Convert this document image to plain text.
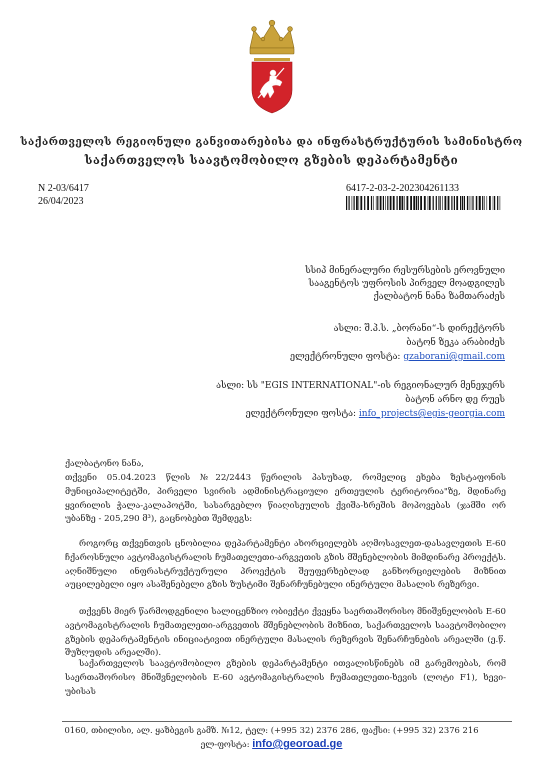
საქართველოს რეგიონული განვითარებისა და ინფრასტრუქტურის სამინისტრო
საქართველოს საავტომობილო გზების დეპარტამენტი
N 2-03/6417
26/04/2023
6417-2-03-2-202304261133
სსიპ მინერალური რესურსების ეროვნული
სააგენტოს უფროსის პირველ მოადგილეს
ქალბატონ ნანა ზამთარაძეს
ასლი: შ.პ.ს. „ბორანი“-ს დირექტორს
ბატონ ზეკა არაბიძეს
ელექტრონული ფოსტა: gzaborani@gmail.com
ასლი: სს "EGIS INTERNATIONAL"-ის რეგიონალურ მენეჯერს
ბატონ არნო დე რუეს
ელექტრონული ფოსტა: info_projects@egis-georgia.com
ქალბატონო ნანა,
თქვენი 05.04.2023 წლის №22/2443 წერილის პასუხად, რომელიც ეხება ზესტაფონის მუნიციპალიტეტში, პირველი სვირის ადმინისტრაციული ერთეულის ტერიტორია"ზე, მდინარე ყვირილის ჭალა-კალაპოტში, სასარგებლო წიაღისეულის ქვიშა-ხრეშის მოპოვებას (ჯამში ორ უბანზე - 205,290 მ³), გაცნობებთ შემდეგს:
როგორც თქვენთვის ცნობილია დეპარტამენტი ახორციელებს აღმოსავლეთ-დასავლეთის E-60 ჩქაროსნული ავტომაგისტრალის ჩუმათელეთი-არგვეთის გზის მშენებლობის მიმდინარე პროექტს. აღნიშნული ინფრასტრუქტურული პროექტის შეუფერხებლად განხორციელების მიზნით აუცილებელი იყო ასაშენებელი გზის ზუსტიმი შენარჩუნებული ინერტული მასალის რეზერვი.
თქვენს მიერ წარმოდგენილი სალიცენზიო ობიექტი ქვეყნა საერთაშორისო მნიშვნელობის E-60 ავტომაგისტრალის ჩუმათელეთი-არგვეთის მშენებლობის მიზნით, საქართველოს საავტომობილო გზების დეპარტამენტის ინიციატივით ინერტული მასალის რეზერვის შენარჩუნების არეალში (ე.წ. შუზღუდის არეალში).
საქართველოს საავტომობილო გზების დეპარტამენტი ითვალისწინებს იმ გარემოებას, რომ საერთაშორისო მნიშვნელობის E-60 ავტომაგისტრალის ჩუმათელეთი-ხევის (ლოტი F1), ხევი-უბისას
0160, თბილისი, ალ. ყაზბეგის გამზ. №12, ტელ: (+995 32) 2376 286, ფაქსი: (+995 32) 2376 216
ელ-ფოსტა: info@georoad.ge
